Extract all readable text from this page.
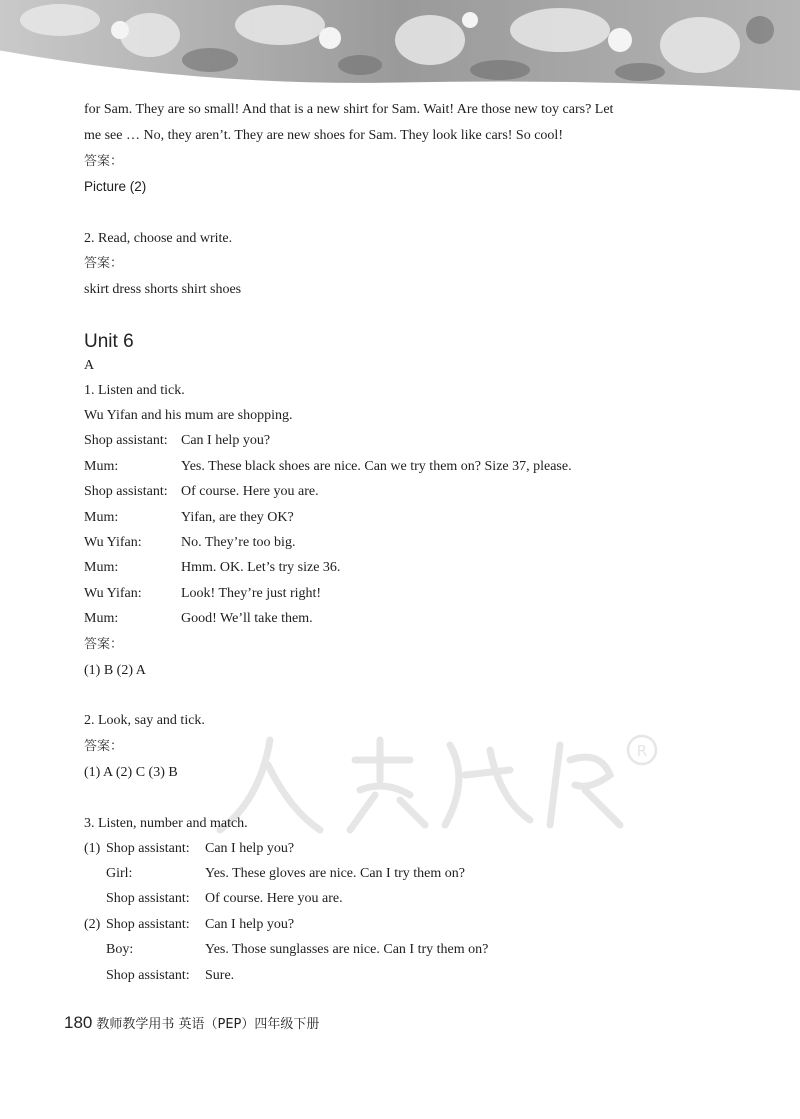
R
for Sam. They are so small! And that is a new shirt for Sam. Wait! Are those new toy cars? Let
me see … No, they aren’t. They are new shoes for Sam. They look like cars! So cool!
答案：
Picture (2)
2. Read, choose and write.
答案：
skirt dress shorts shirt shoes
Unit 6
A
1. Listen and tick.
Wu Yifan and his mum are shopping.
Shop assistant: Can I help you?
Mum:	Yes. These black shoes are nice. Can we try them on? Size 37, please.
Shop assistant: Of course. Here you are.
Mum:	Yifan, are they OK?
Wu Yifan:	No. They’re too big.
Mum:	Hmm. OK. Let’s try size 36.
Wu Yifan:	Look! They’re just right!
Mum:	Good! We’ll take them.
答案：
(1) B (2) A
2. Look, say and tick.
答案：
(1) A (2) C (3) B
3. Listen, number and match.
(1) Shop assistant: Can I help you?
Girl:	Yes. These gloves are nice. Can I try them on?
Shop assistant: Of course. Here you are.
(2) Shop assistant: Can I help you?
Boy:	Yes. Those sunglasses are nice. Can I try them on?
Shop assistant: Sure.
180 教师教学用书 英语（PEP）四年级下册
